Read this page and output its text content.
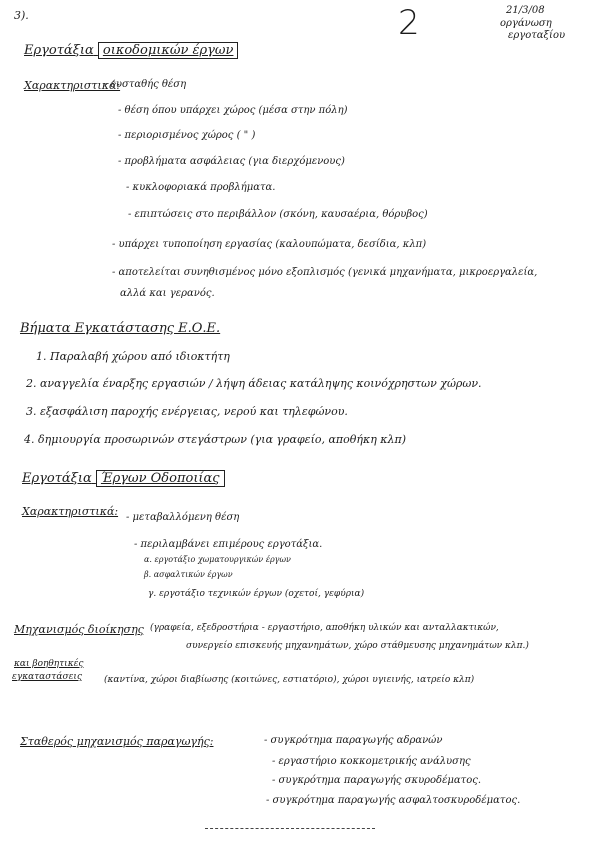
3).	2	21/3/08
οργάνωση
εργοταξίου
Εργοτάξια οικοδομικών έργων
Χαρακτηριστικά:
- ευσταθής θέση
- θέση όπου υπάρχει χώρος (μέσα στην πόλη)
- περιορισμένος χώρος ( " )
- προβλήματα ασφάλειας (για διερχόμενους)
- κυκλοφοριακά προβλήματα.
- επιπτώσεις στο περιβάλλον (σκόνη, καυσαέρια, θόρυβος)
- υπάρχει τυποποίηση εργασίας (καλουπώματα, δεσίδια, κλπ)
- αποτελείται συνηθισμένος μόνο εξοπλισμός (γενικά μηχανήματα, μικροεργαλεία,
αλλά και γερανός.
Βήματα Εγκατάστασης Ε.Ο.Ε.
1. Παραλαβή χώρου από ιδιοκτήτη
2. αναγγελία έναρξης εργασιών / λήψη άδειας κατάληψης κοινόχρηστων χώρων.
3. εξασφάλιση παροχής ενέργειας, νερού και τηλεφώνου.
4. δημιουργία προσωρινών στεγάστρων (για γραφείο, αποθήκη κλπ)
Εργοτάξια Έργων Οδοποιίας
Χαρακτηριστικά: - μεταβαλλόμενη θέση
- περιλαμβάνει επιμέρους εργοτάξια.
α. εργοτάξιο χωματουργικών έργων
β. ασφαλτικών έργων
γ. εργοτάξιο τεχνικών έργων (οχετοί, γεφύρια)
Μηχανισμός διοίκησης (γραφεία, εξεδροστήρια - εργαστήριο, αποθήκη υλικών και ανταλλακτικών,
συνεργείο επισκευής μηχανημάτων, χώρο στάθμευσης μηχανημάτων κλπ.)
και βοηθητικές
εγκαταστάσεις (καντίνα, χώροι διαβίωσης (κοιτώνες, εστιατόριο), χώροι υγιεινής, ιατρείο κλπ)
Σταθερός μηχανισμός παραγωγής:	- συγκρότημα παραγωγής αδρανών
- εργαστήριο κοκκομετρικής ανάλυσης
- συγκρότημα παραγωγής σκυροδέματος.
- συγκρότημα παραγωγής ασφαλτοσκυροδέματος.
